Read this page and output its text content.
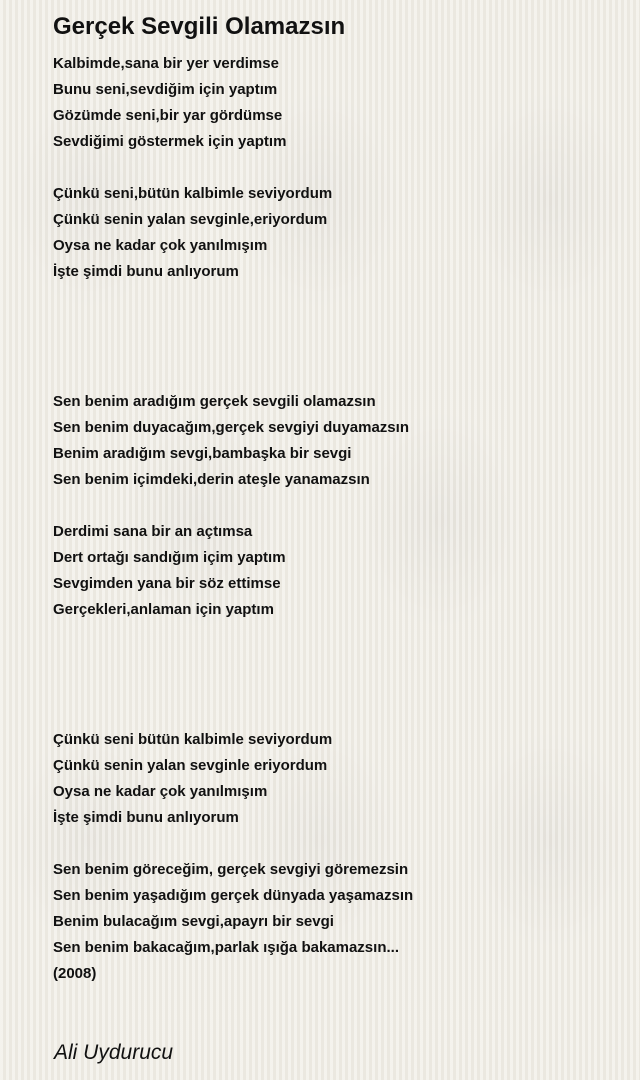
Gerçek Sevgili Olamazsın
Kalbimde,sana bir yer verdimse
Bunu seni,sevdiğim için yaptım
Gözümde seni,bir yar gördümse
Sevdiğimi göstermek için yaptım
Çünkü seni,bütün kalbimle seviyordum
Çünkü senin yalan sevginle,eriyordum
Oysa ne kadar çok yanılmışım
İşte şimdi bunu anlıyorum
Sen benim aradığım gerçek sevgili olamazsın
Sen benim duyacağım,gerçek sevgiyi duyamazsın
Benim aradığım sevgi,bambaşka bir sevgi
Sen benim içimdeki,derin ateşle yanamazsın
Derdimi sana bir an açtımsa
Dert ortağı sandığım içim yaptım
Sevgimden yana bir söz ettimse
Gerçekleri,anlaman için yaptım
Çünkü seni bütün kalbimle seviyordum
Çünkü senin yalan sevginle eriyordum
Oysa ne kadar çok yanılmışım
İşte şimdi bunu anlıyorum
Sen benim göreceğim, gerçek sevgiyi göremezsin
Sen benim yaşadığım gerçek dünyada yaşamazsın
Benim bulacağım sevgi,apayrı bir sevgi
Sen benim bakacağım,parlak ışığa bakamazsın...
(2008)
Ali Uydurucu
